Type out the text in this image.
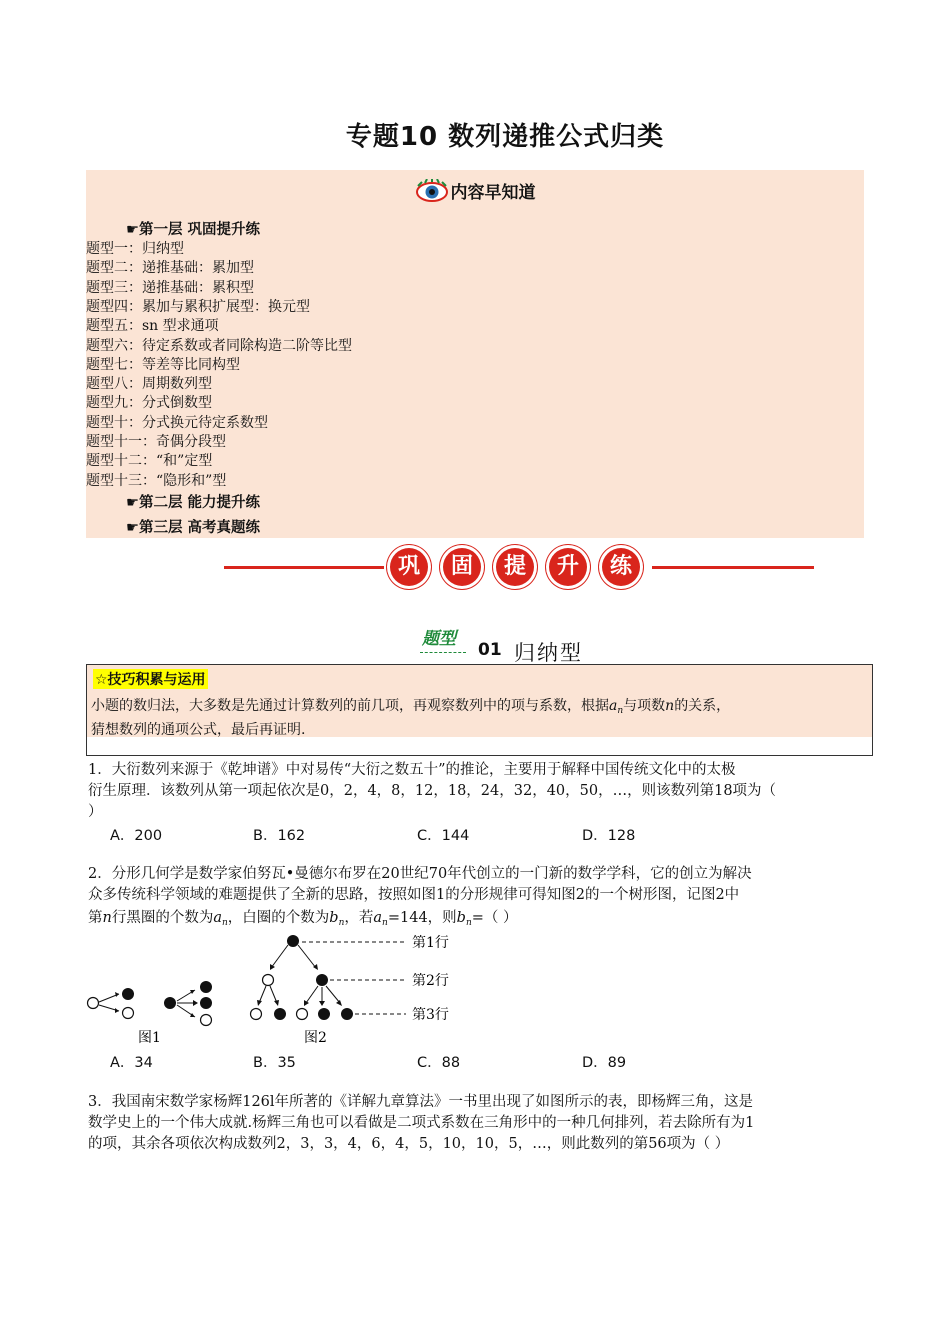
专题10 数列递推公式归类
内容早知道
☛第一层 巩固提升练
题型一：归纳型
题型二：递推基础：累加型
题型三：递推基础：累积型
题型四：累加与累积扩展型：换元型
题型五：sn 型求通项
题型六：待定系数或者同除构造二阶等比型
题型七：等差等比同构型
题型八：周期数列型
题型九：分式倒数型
题型十：分式换元待定系数型
题型十一：奇偶分段型
题型十二：“和”定型
题型十三：“隐形和”型
☛第二层 能力提升练
☛第三层 高考真题练
巩	固	提	升	练
题型
01 归纳型
☆技巧积累与运用
小题的数归法，大多数是先通过计算数列的前几项，再观察数列中的项与系数，根据$a_n$与项数n的关系，
猜想数列的通项公式，最后再证明.
1．大衍数列来源于《乾坤谱》中对易传“大衍之数五十”的推论，主要用于解释中国传统文化中的太极
衍生原理．该数列从第一项起依次是0，2，4，8，12，18，24，32，40，50，…，则该数列第18项为（
）
A．200	B．162	C．144	D．128
2．分形几何学是数学家伯努瓦•曼德尔布罗在20世纪70年代创立的一门新的数学学科，它的创立为解决
众多传统科学领域的难题提供了全新的思路，按照如图1的分形规律可得知图2的一个树形图，记图2中
第n行黑圈的个数为$a_n$，白圈的个数为$b_n$，若$a_n=144$，则$b_n=$（ ）
图1
第1行
第2行
第3行
图2
A．34	B．35	C．88	D．89
3．我国南宋数学家杨辉126l年所著的《详解九章算法》一书里出现了如图所示的表，即杨辉三角，这是
数学史上的一个伟大成就.杨辉三角也可以看做是二项式系数在三角形中的一种几何排列，若去除所有为1
的项，其余各项依次构成数列2，3，3，4，6，4，5，10，10，5，…，则此数列的第56项为（ ）
